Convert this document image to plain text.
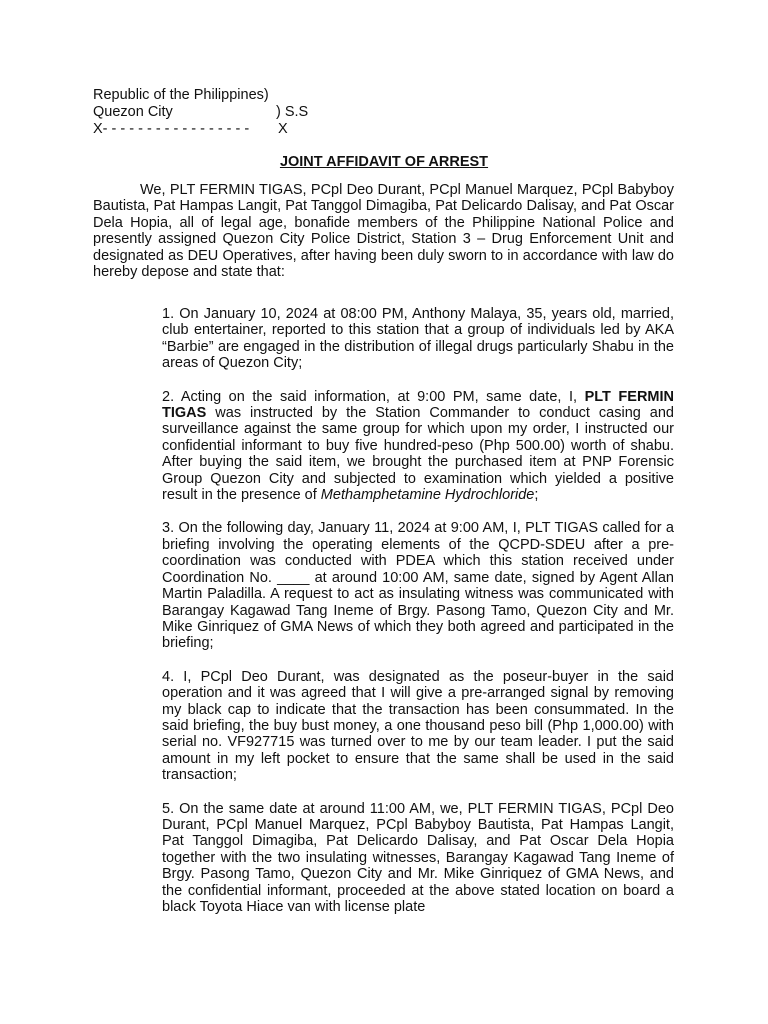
Republic of the Philippines)
Quezon City	) S.S
X- - - - - - - - - - - - - - - - - X
JOINT AFFIDAVIT OF ARREST

We, PLT FERMIN TIGAS, PCpl Deo Durant, PCpl Manuel Marquez, PCpl Babyboy Bautista, Pat Hampas Langit, Pat Tanggol Dimagiba, Pat Delicardo Dalisay, and Pat Oscar Dela Hopia, all of legal age, bonafide members of the Philippine National Police and presently assigned Quezon City Police District, Station 3 – Drug Enforcement Unit and designated as DEU Operatives, after having been duly sworn to in accordance with law do hereby depose and state that:

1. On January 10, 2024 at 08:00 PM, Anthony Malaya, 35, years old, married, club entertainer, reported to this station that a group of individuals led by AKA “Barbie” are engaged in the distribution of illegal drugs particularly Shabu in the areas of Quezon City;

2. Acting on the said information, at 9:00 PM, same date, I, PLT FERMIN TIGAS was instructed by the Station Commander to conduct casing and surveillance against the same group for which upon my order, I instructed our confidential informant to buy five hundred-peso (Php 500.00) worth of shabu. After buying the said item, we brought the purchased item at PNP Forensic Group Quezon City and subjected to examination which yielded a positive result in the presence of Methamphetamine Hydrochloride;

3. On the following day, January 11, 2024 at 9:00 AM, I, PLT TIGAS called for a briefing involving the operating elements of the QCPD-SDEU after a pre-coordination was conducted with PDEA which this station received under Coordination No. ____ at around 10:00 AM, same date, signed by Agent Allan Martin Paladilla. A request to act as insulating witness was communicated with Barangay Kagawad Tang Ineme of Brgy. Pasong Tamo, Quezon City and Mr. Mike Ginriquez of GMA News of which they both agreed and participated in the briefing;

4. I, PCpl Deo Durant, was designated as the poseur-buyer in the said operation and it was agreed that I will give a pre-arranged signal by removing my black cap to indicate that the transaction has been consummated. In the said briefing, the buy bust money, a one thousand peso bill (Php 1,000.00) with serial no. VF927715 was turned over to me by our team leader. I put the said amount in my left pocket to ensure that the same shall be used in the said transaction;

5. On the same date at around 11:00 AM, we, PLT FERMIN TIGAS, PCpl Deo Durant, PCpl Manuel Marquez, PCpl Babyboy Bautista, Pat Hampas Langit, Pat Tanggol Dimagiba, Pat Delicardo Dalisay, and Pat Oscar Dela Hopia together with the two insulating witnesses, Barangay Kagawad Tang Ineme of Brgy. Pasong Tamo, Quezon City and Mr. Mike Ginriquez of GMA News, and the confidential informant, proceeded at the above stated location on board a black Toyota Hiace van with license plate
